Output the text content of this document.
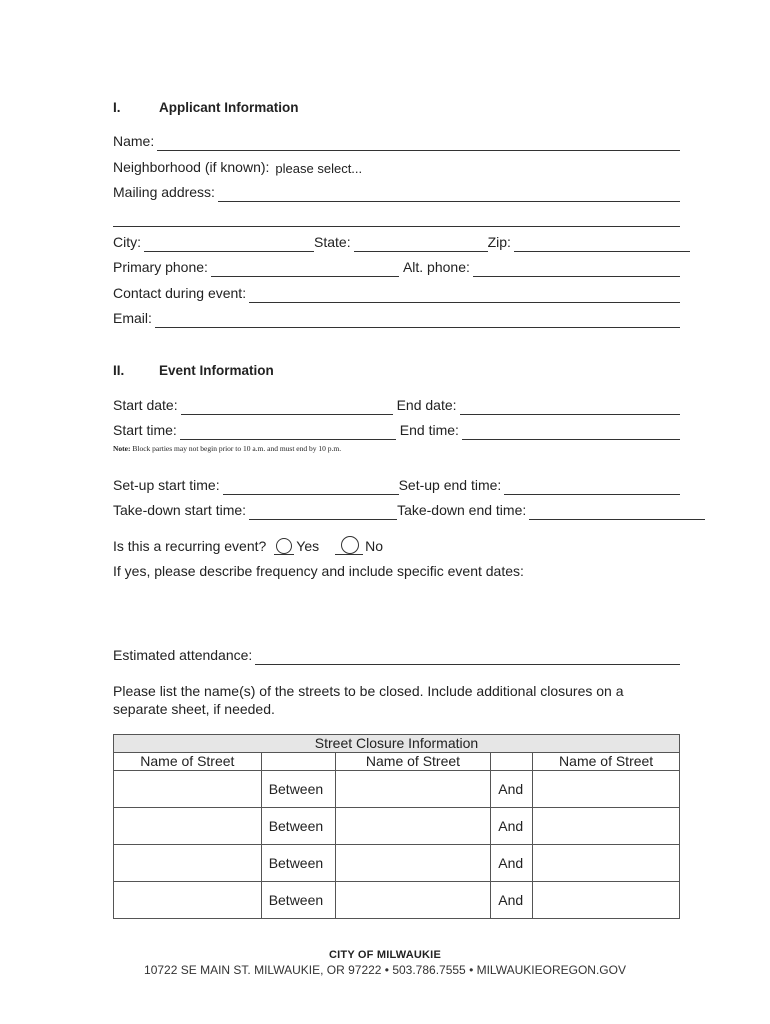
I.	Applicant Information
Name:
Neighborhood (if known): please select...
Mailing address:
City:	State:	Zip:
Primary phone:	Alt. phone:
Contact during event:
Email:
II.	Event Information
Start date:	End date:
Start time:	End time:
Note: Block parties may not begin prior to 10 a.m. and must end by 10 p.m.
Set-up start time:	Set-up end time:
Take-down start time:	Take-down end time:
Is this a recurring event? Yes	No
If yes, please describe frequency and include specific event dates:
Estimated attendance:
Please list the name(s) of the streets to be closed. Include additional closures on a
separate sheet, if needed.
Street Closure Information				
Name of Street		Name of Street		Name of Street
	Between		And	
	Between		And	
	Between		And	
	Between		And	
CITY OF MILWAUKIE
10722 SE MAIN ST. MILWAUKIE, OR 97222 • 503.786.7555 • MILWAUKIEOREGON.GOV
